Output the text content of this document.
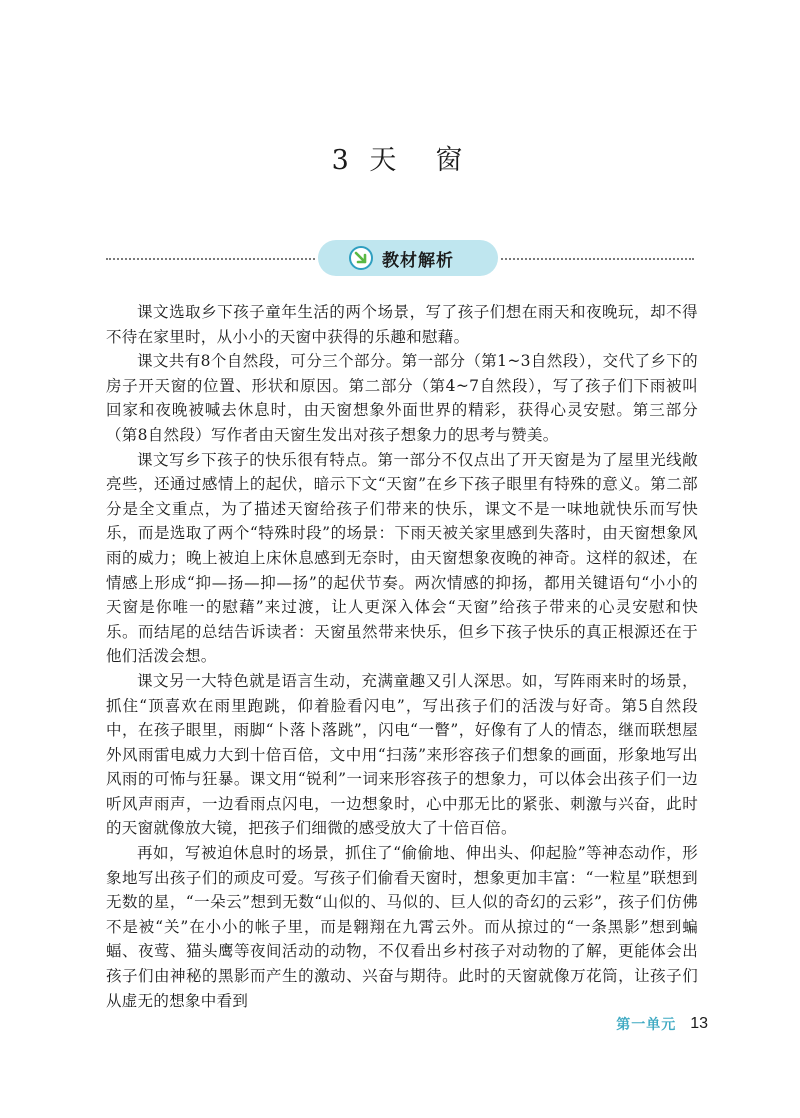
3 天　窗
教材解析

课文选取乡下孩子童年生活的两个场景，写了孩子们想在雨天和夜晚玩，却不得不待在家里时，从小小的天窗中获得的乐趣和慰藉。

课文共有8个自然段，可分三个部分。第一部分（第1~3自然段），交代了乡下的房子开天窗的位置、形状和原因。第二部分（第4~7自然段），写了孩子们下雨被叫回家和夜晚被喊去休息时，由天窗想象外面世界的精彩，获得心灵安慰。第三部分（第8自然段）写作者由天窗生发出对孩子想象力的思考与赞美。

课文写乡下孩子的快乐很有特点。第一部分不仅点出了开天窗是为了屋里光线敞亮些，还通过感情上的起伏，暗示下文“天窗”在乡下孩子眼里有特殊的意义。第二部分是全文重点，为了描述天窗给孩子们带来的快乐，课文不是一味地就快乐而写快乐，而是选取了两个“特殊时段”的场景：下雨天被关家里感到失落时，由天窗想象风雨的威力；晚上被迫上床休息感到无奈时，由天窗想象夜晚的神奇。这样的叙述，在情感上形成“抑—扬—抑—扬”的起伏节奏。两次情感的抑扬，都用关键语句“小小的天窗是你唯一的慰藉”来过渡，让人更深入体会“天窗”给孩子带来的心灵安慰和快乐。而结尾的总结告诉读者：天窗虽然带来快乐，但乡下孩子快乐的真正根源还在于他们活泼会想。

课文另一大特色就是语言生动，充满童趣又引人深思。如，写阵雨来时的场景，抓住“顶喜欢在雨里跑跳，仰着脸看闪电”，写出孩子们的活泼与好奇。第5自然段中，在孩子眼里，雨脚“卜落卜落跳”，闪电“一瞥”，好像有了人的情态，继而联想屋外风雨雷电威力大到十倍百倍，文中用“扫荡”来形容孩子们想象的画面，形象地写出风雨的可怖与狂暴。课文用“锐利”一词来形容孩子的想象力，可以体会出孩子们一边听风声雨声，一边看雨点闪电，一边想象时，心中那无比的紧张、刺激与兴奋，此时的天窗就像放大镜，把孩子们细微的感受放大了十倍百倍。

再如，写被迫休息时的场景，抓住了“偷偷地、伸出头、仰起脸”等神态动作，形象地写出孩子们的顽皮可爱。写孩子们偷看天窗时，想象更加丰富：“一粒星”联想到无数的星，“一朵云”想到无数“山似的、马似的、巨人似的奇幻的云彩”，孩子们仿佛不是被“关”在小小的帐子里，而是翱翔在九霄云外。而从掠过的“一条黑影”想到蝙蝠、夜莺、猫头鹰等夜间活动的动物，不仅看出乡村孩子对动物的了解，更能体会出孩子们由神秘的黑影而产生的激动、兴奋与期待。此时的天窗就像万花筒，让孩子们从虚无的想象中看到

第一单元 13
